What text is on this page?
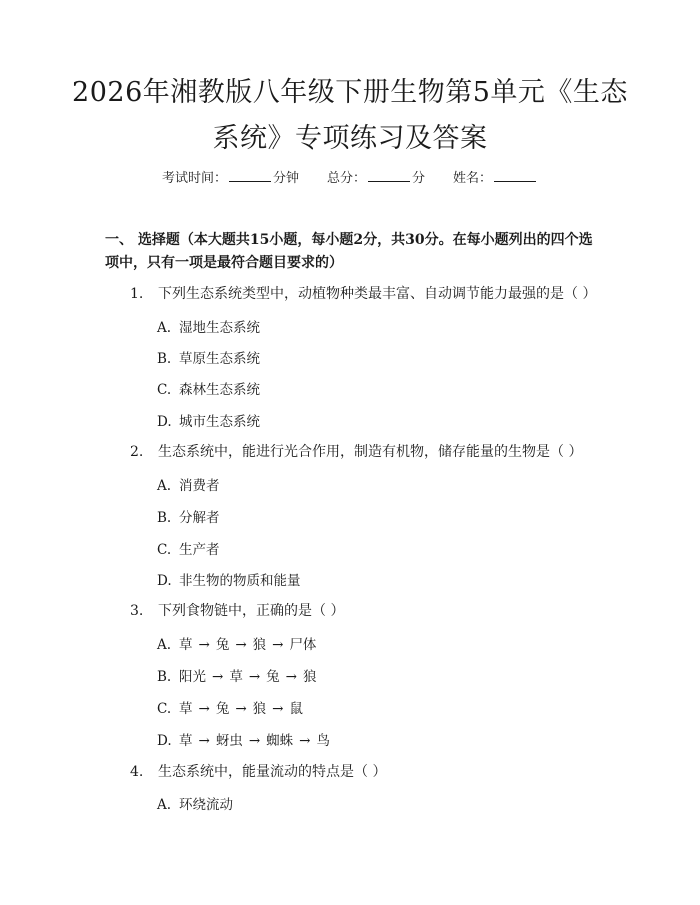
2026年湘教版八年级下册生物第5单元《生态系统》专项练习及答案
考试时间：	分钟 总分：	分 姓名：
一、 选择题（本大题共15小题，每小题2分，共30分。在每小题列出的四个选项中，只有一项是最符合题目要求的）
1. 下列生态系统类型中，动植物种类最丰富、自动调节能力最强的是（ ）
A. 湿地生态系统
B. 草原生态系统
C. 森林生态系统
D. 城市生态系统
2. 生态系统中，能进行光合作用，制造有机物，储存能量的生物是（ ）
A. 消费者
B. 分解者
C. 生产者
D. 非生物的物质和能量
3. 下列食物链中，正确的是（ ）
A. 草 → 兔 → 狼 → 尸体
B. 阳光 → 草 → 兔 → 狼
C. 草 → 兔 → 狼 → 鼠
D. 草 → 蚜虫 → 蜘蛛 → 鸟
4. 生态系统中，能量流动的特点是（ ）
A. 环绕流动
